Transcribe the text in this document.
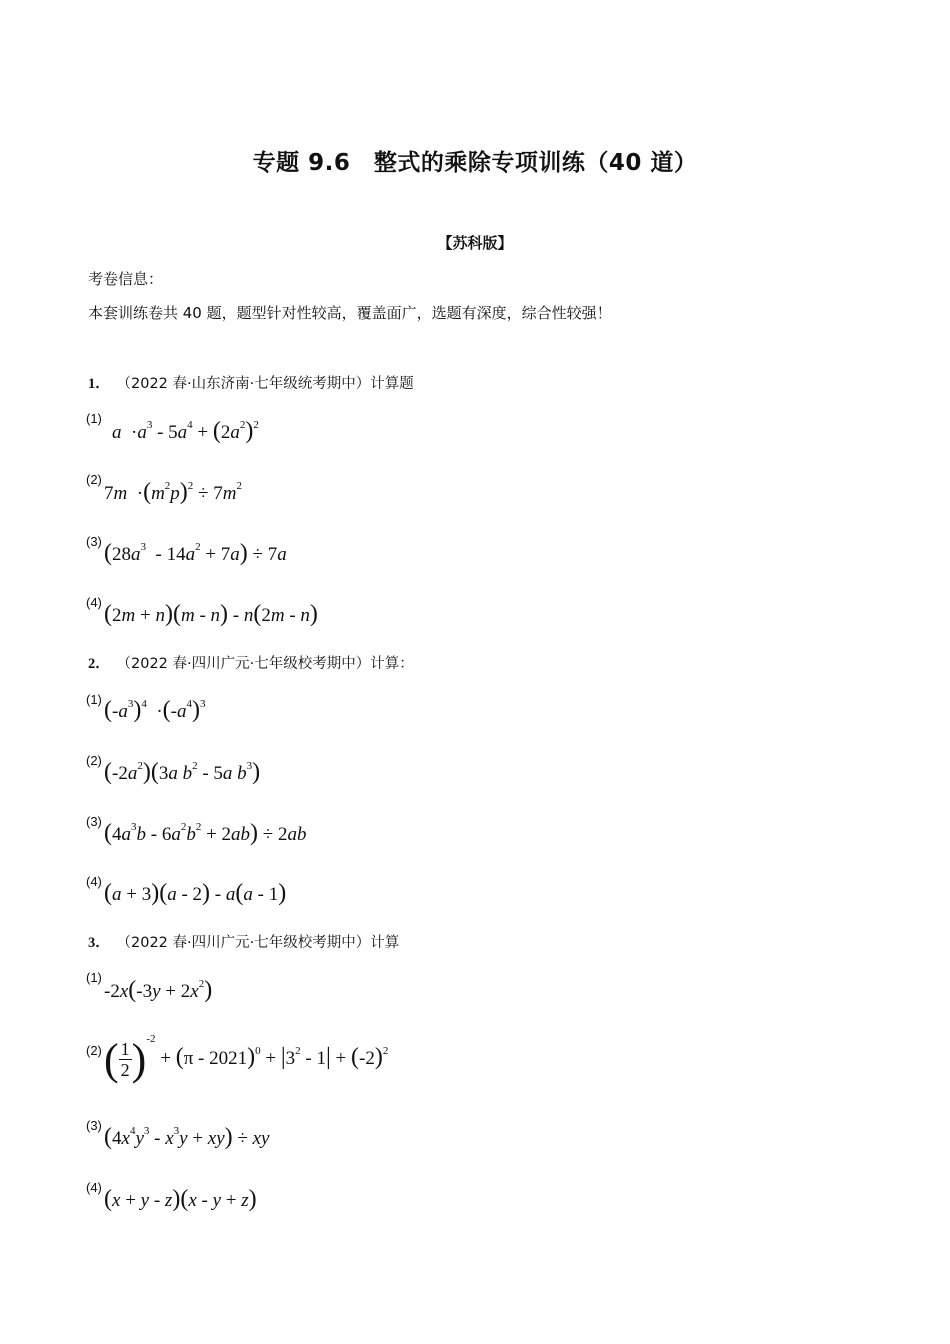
专题 9.6　整式的乘除专项训练（40 道）
【苏科版】
考卷信息：
本套训练卷共 40 题，题型针对性较高，覆盖面广，选题有深度，综合性较强！
1． （2022 春·山东济南·七年级统考期中）计算题
(1)
$a \cdot a^3 - 5a^4 + (2a^2)^2$
(2)
$7m \cdot(m^2p)^2 \div 7m^2$
(3) $(28a^3 - 14a^2 + 7a) \div 7a$
(4) (2m + n)(m - n) - n(2m - n)
2． （2022 春·四川广元·七年级校考期中）计算：
(1) $(-a^3)^4 \cdot(-a^4)^3$
(2) $(-2a^2)(3a$ $b^2 - 5a$ $b^3$)
(3) $(4a^3b - 6a^2b^2 + 2ab) \div 2ab$
(4) (a + 3)(a - 2) - a(a - 1)
3． （2022 春·四川广元·七年级校考期中）计算
(1)
$-2x(-3y + 2x^2)$
(2) ( $\frac{1}{2} )^{-2} + (\pi - 2021)^0 + |3^2 - 1| + (-2)^2$
(3) $(4x^4y^3 - x^3y + xy)$ ÷ xy
(4) (x + y - z)(x - y + z)
